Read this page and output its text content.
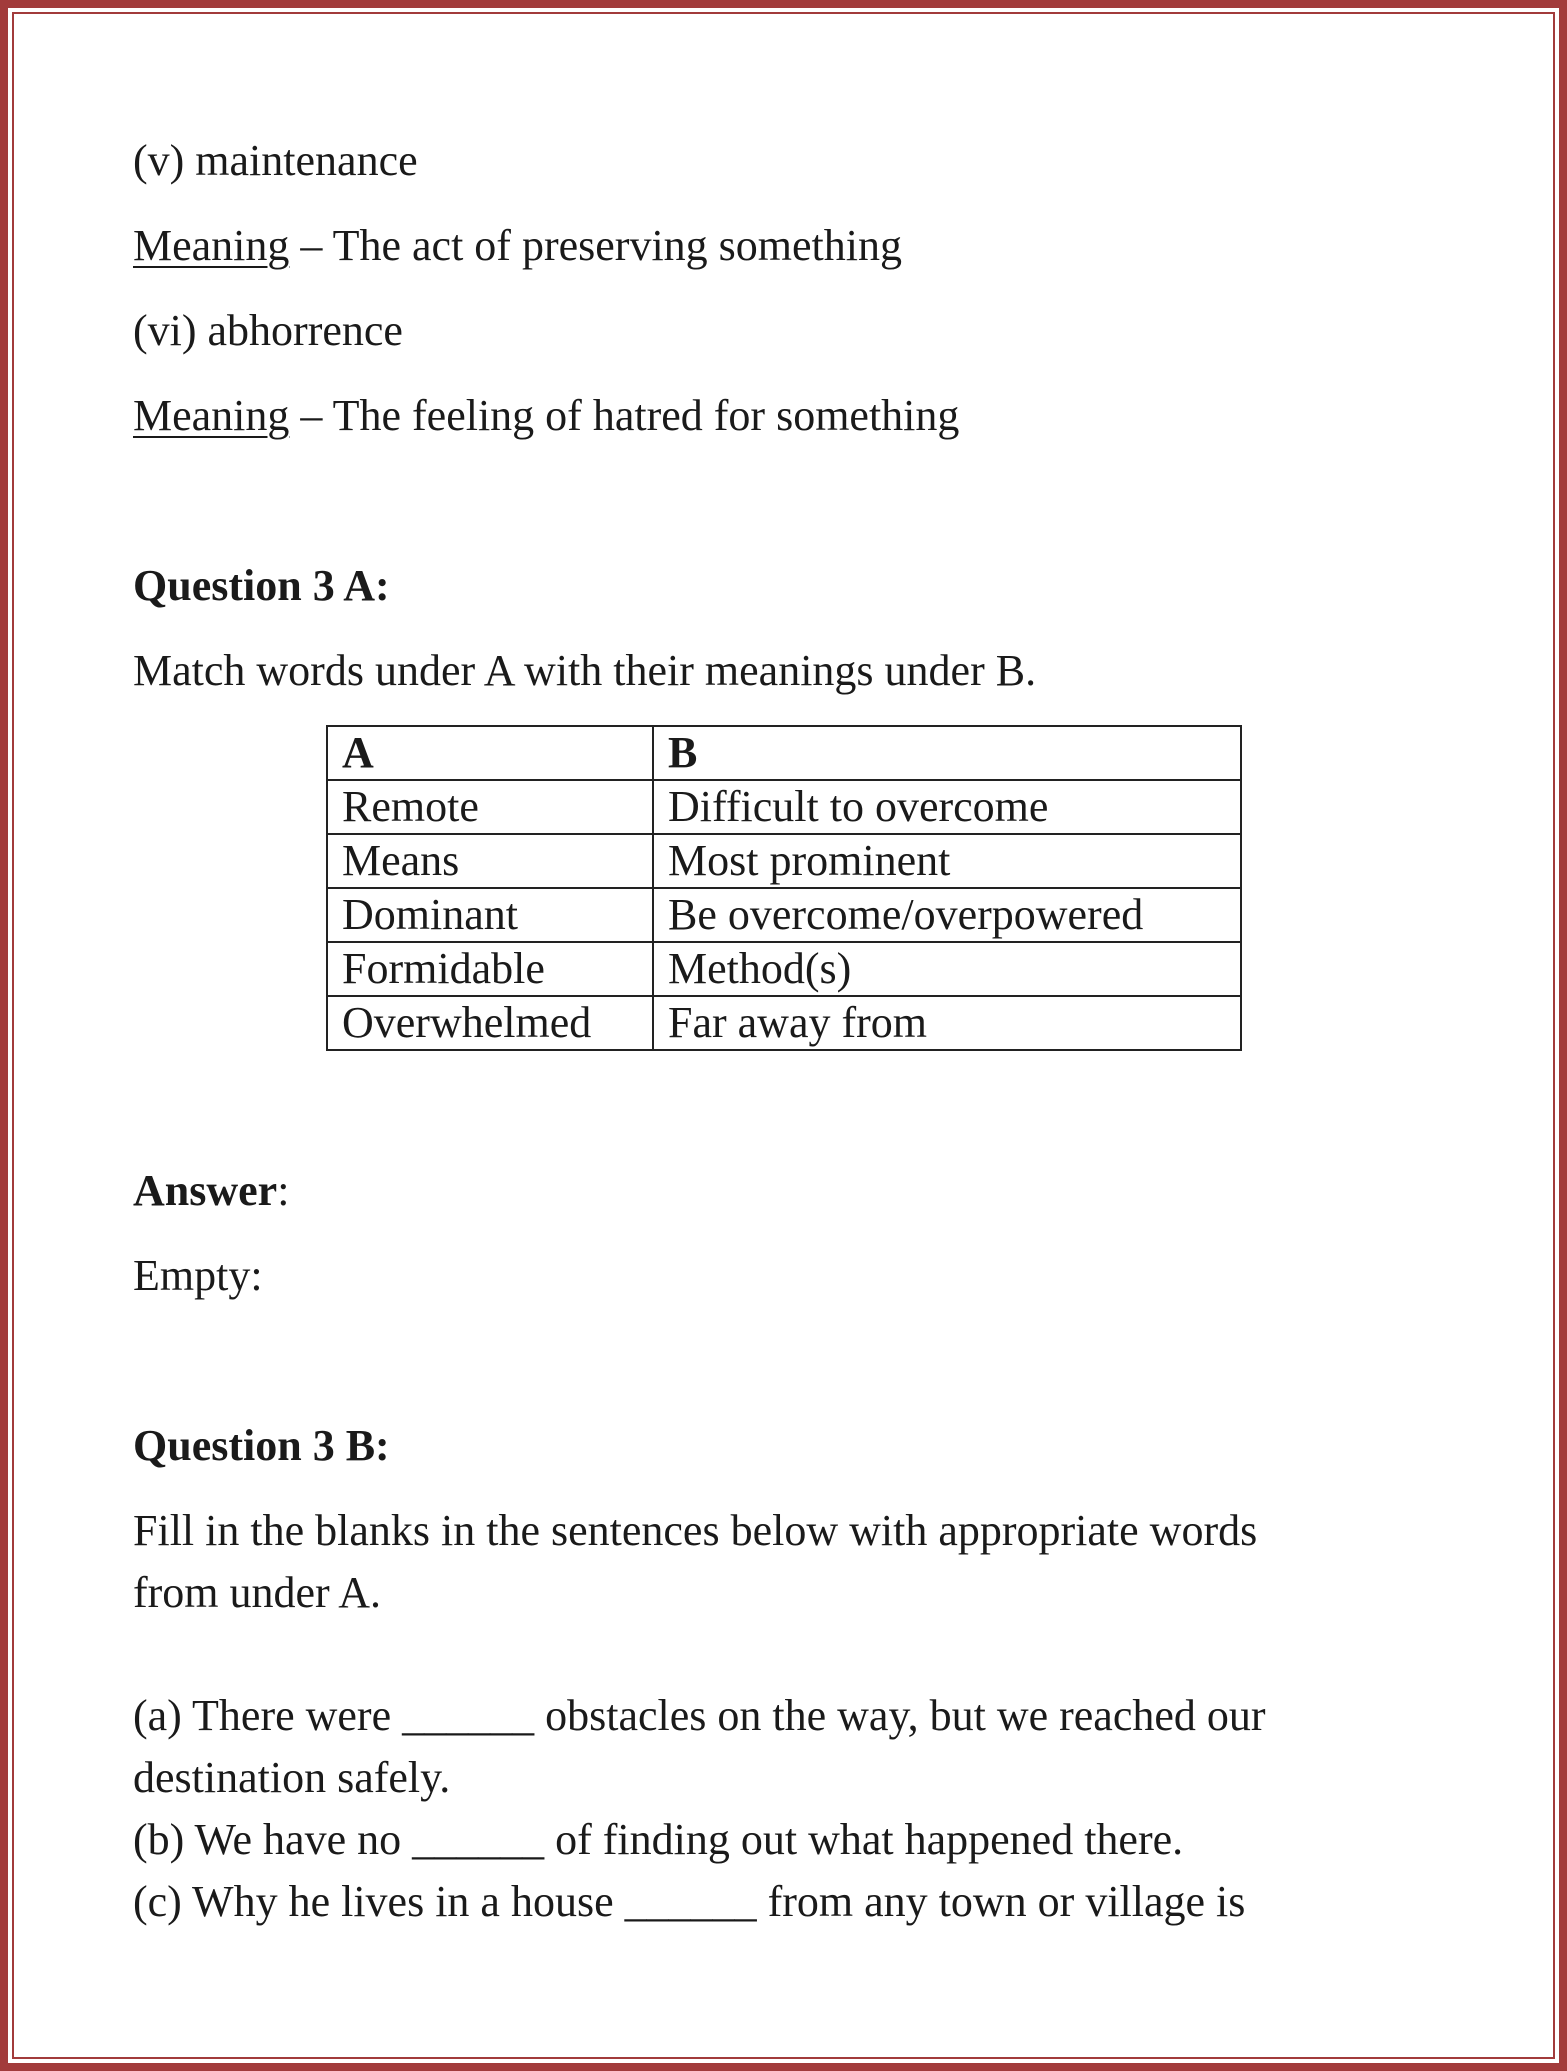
(v) maintenance
Meaning – The act of preserving something
(vi) abhorrence
Meaning – The feeling of hatred for something
Question 3 A:
Match words under A with their meanings under B.
A	B
Remote	Difficult to overcome
Means	Most prominent
Dominant	Be overcome/overpowered
Formidable	Method(s)
Overwhelmed	Far away from
Answer:
Empty:
Question 3 B:
Fill in the blanks in the sentences below with appropriate words
from under A.
(a) There were ______ obstacles on the way, but we reached our
destination safely.
(b) We have no ______ of finding out what happened there.
(c) Why he lives in a house ______ from any town or village is
